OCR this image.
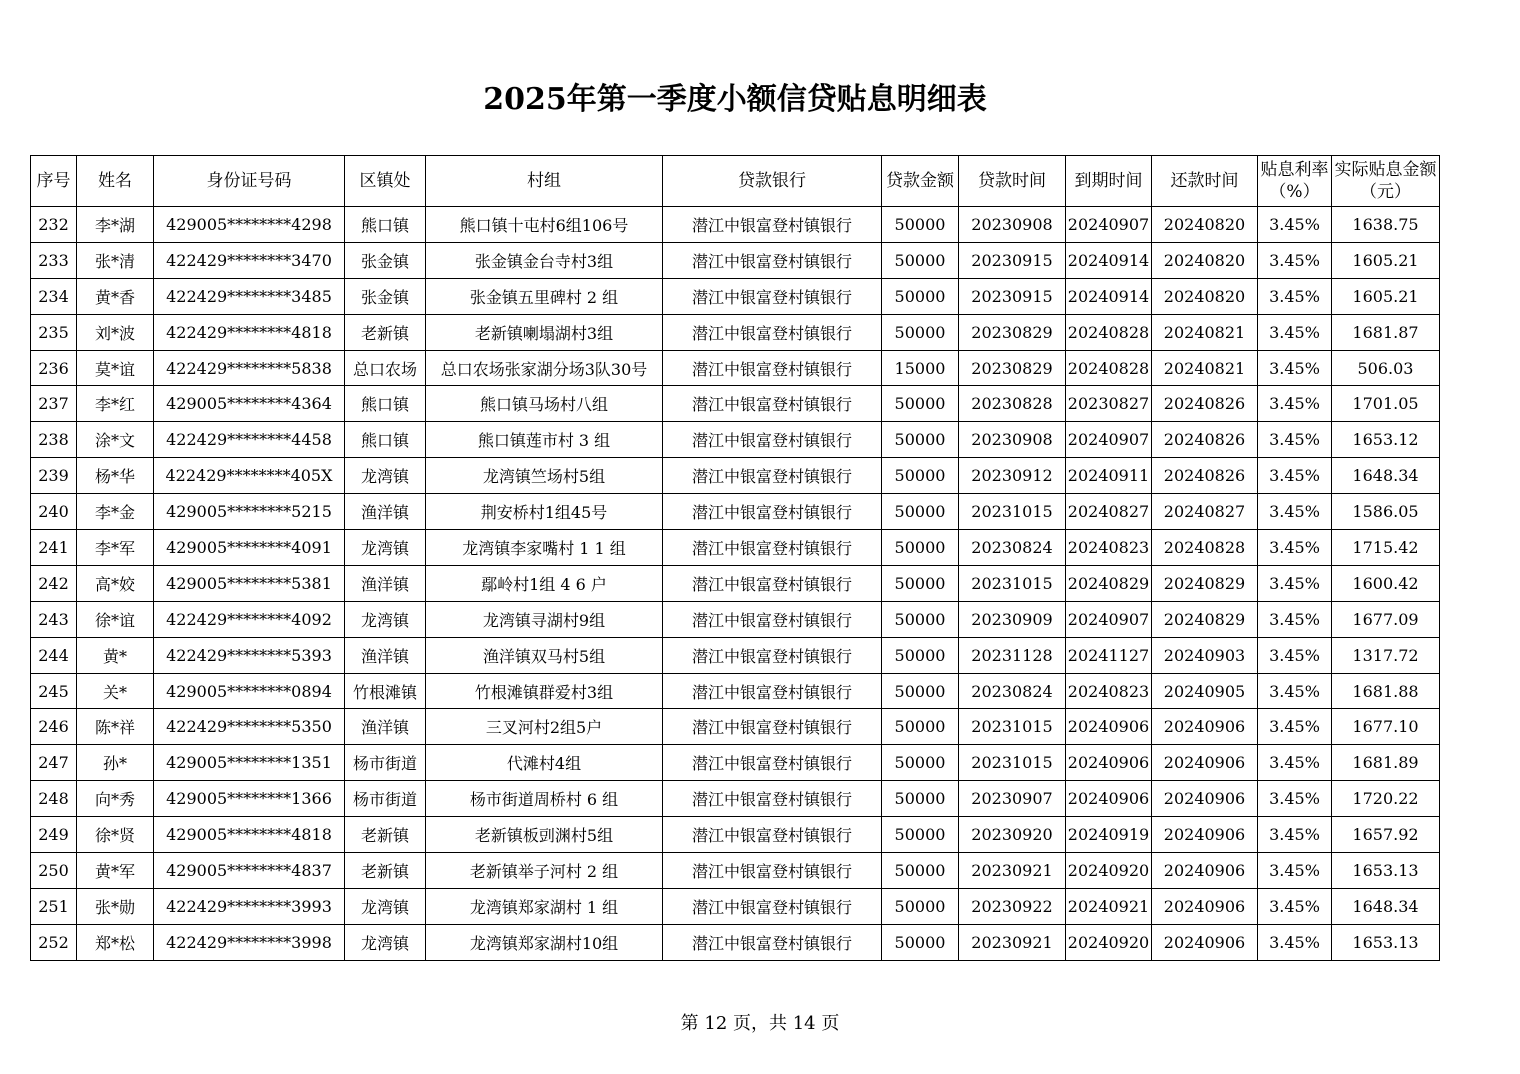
2025年第一季度小额信贷贴息明细表
序号	姓名	身份证号码	区镇处	村组	贷款银行	贷款金额	贷款时间	到期时间	还款时间	贴息利率（%）	实际贴息金额（元）
232	李*湖	429005********4298	熊口镇	熊口镇十屯村6组106号	潜江中银富登村镇银行	50000	20230908	20240907	20240820	3.45%	1638.75
233	张*清	422429********3470	张金镇	张金镇金台寺村3组	潜江中银富登村镇银行	50000	20230915	20240914	20240820	3.45%	1605.21
234	黄*香	422429********3485	张金镇	张金镇五里碑村 2 组	潜江中银富登村镇银行	50000	20230915	20240914	20240820	3.45%	1605.21
235	刘*波	422429********4818	老新镇	老新镇喇塌湖村3组	潜江中银富登村镇银行	50000	20230829	20240828	20240821	3.45%	1681.87
236	莫*谊	422429********5838	总口农场	总口农场张家湖分场3队30号	潜江中银富登村镇银行	15000	20230829	20240828	20240821	3.45%	506.03
237	李*红	429005********4364	熊口镇	熊口镇马场村八组	潜江中银富登村镇银行	50000	20230828	20230827	20240826	3.45%	1701.05
238	涂*文	422429********4458	熊口镇	熊口镇莲市村 3 组	潜江中银富登村镇银行	50000	20230908	20240907	20240826	3.45%	1653.12
239	杨*华	422429********405X	龙湾镇	龙湾镇竺场村5组	潜江中银富登村镇银行	50000	20230912	20240911	20240826	3.45%	1648.34
240	李*金	429005********5215	渔洋镇	荆安桥村1组45号	潜江中银富登村镇银行	50000	20231015	20240827	20240827	3.45%	1586.05
241	李*军	429005********4091	龙湾镇	龙湾镇李家嘴村 1 1 组	潜江中银富登村镇银行	50000	20230824	20240823	20240828	3.45%	1715.42
242	高*姣	429005********5381	渔洋镇	鄢岭村1组 4 6 户	潜江中银富登村镇银行	50000	20231015	20240829	20240829	3.45%	1600.42
243	徐*谊	422429********4092	龙湾镇	龙湾镇寻湖村9组	潜江中银富登村镇银行	50000	20230909	20240907	20240829	3.45%	1677.09
244	黄*	422429********5393	渔洋镇	渔洋镇双马村5组	潜江中银富登村镇银行	50000	20231128	20241127	20240903	3.45%	1317.72
245	关*	429005********0894	竹根滩镇	竹根滩镇群爱村3组	潜江中银富登村镇银行	50000	20230824	20240823	20240905	3.45%	1681.88
246	陈*祥	422429********5350	渔洋镇	三叉河村2组5户	潜江中银富登村镇银行	50000	20231015	20240906	20240906	3.45%	1677.10
247	孙*	429005********1351	杨市街道	代滩村4组	潜江中银富登村镇银行	50000	20231015	20240906	20240906	3.45%	1681.89
248	向*秀	429005********1366	杨市街道	杨市街道周桥村 6 组	潜江中银富登村镇银行	50000	20230907	20240906	20240906	3.45%	1720.22
249	徐*贤	429005********4818	老新镇	老新镇板剅渊村5组	潜江中银富登村镇银行	50000	20230920	20240919	20240906	3.45%	1657.92
250	黄*军	429005********4837	老新镇	老新镇举子河村 2 组	潜江中银富登村镇银行	50000	20230921	20240920	20240906	3.45%	1653.13
251	张*勋	422429********3993	龙湾镇	龙湾镇郑家湖村 1 组	潜江中银富登村镇银行	50000	20230922	20240921	20240906	3.45%	1648.34
252	郑*松	422429********3998	龙湾镇	龙湾镇郑家湖村10组	潜江中银富登村镇银行	50000	20230921	20240920	20240906	3.45%	1653.13
第 12 页，共 14 页
